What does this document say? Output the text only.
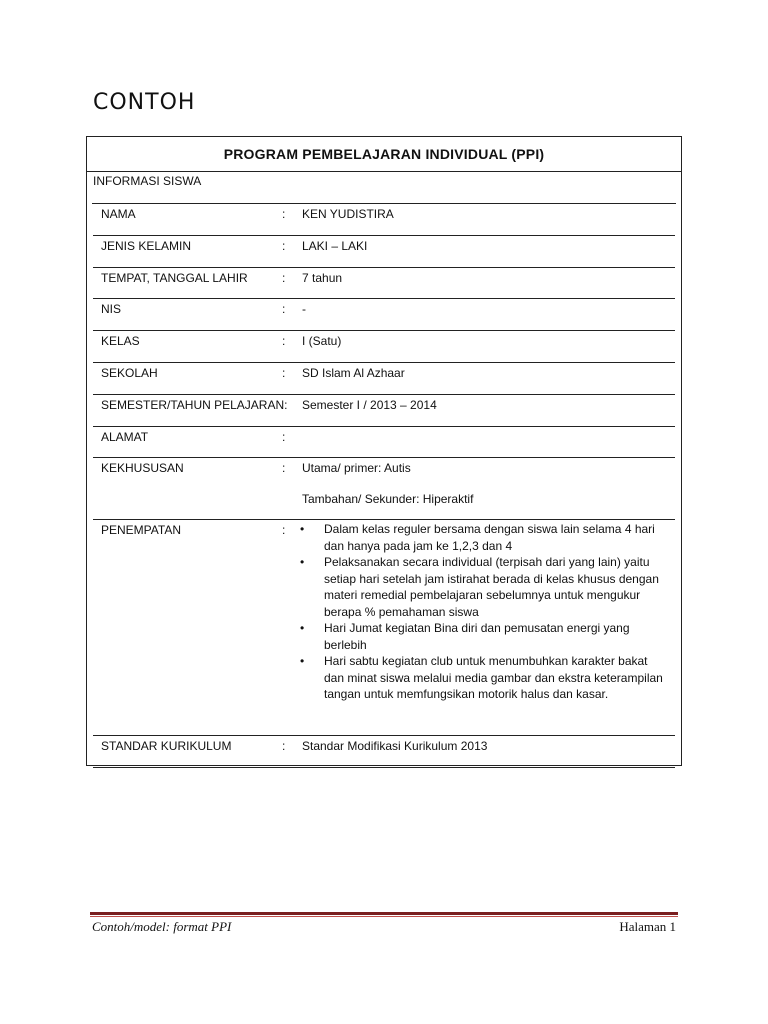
CONTOH
PROGRAM PEMBELAJARAN INDIVIDUAL (PPI)
INFORMASI SISWA
NAMA	: KEN YUDISTIRA
JENIS KELAMIN	: LAKI – LAKI
TEMPAT, TANGGAL LAHIR	: 7 tahun
NIS	: -
KELAS	: I (Satu)
SEKOLAH	: SD Islam Al Azhaar
SEMESTER/TAHUN PELAJARAN: Semester I / 2013 – 2014
ALAMAT	:
KEKHUSUSAN	: Utama/ primer: Autis
Tambahan/ Sekunder: Hiperaktif
PENEMPATAN	: • Dalam kelas reguler bersama dengan siswa lain selama 4 hari dan hanya pada jam ke 1,2,3 dan 4
• Pelaksanakan secara individual (terpisah dari yang lain) yaitu setiap hari setelah jam istirahat berada di kelas khusus dengan materi remedial pembelajaran sebelumnya untuk mengukur berapa % pemahaman siswa
• Hari Jumat kegiatan Bina diri dan pemusatan energi yang berlebih
• Hari sabtu kegiatan club untuk menumbuhkan karakter bakat dan minat siswa melalui media gambar dan ekstra keterampilan tangan untuk memfungsikan motorik halus dan kasar.
STANDAR KURIKULUM	: Standar Modifikasi Kurikulum 2013
Contoh/model: format PPI	Halaman 1
